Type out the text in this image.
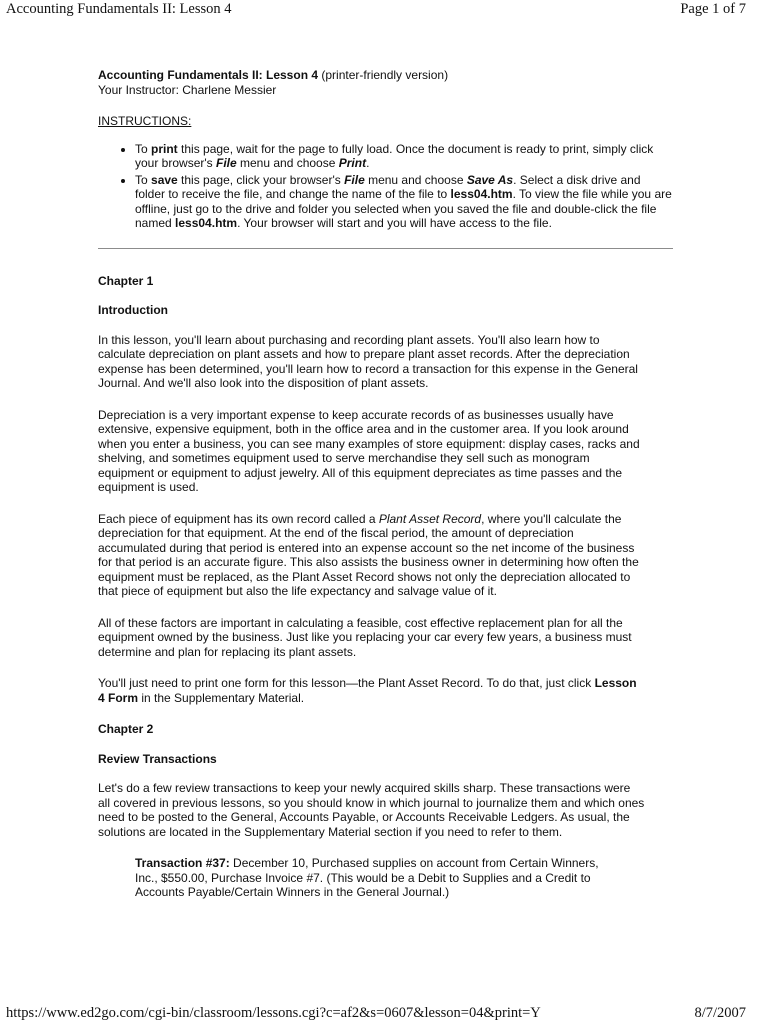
Accounting Fundamentals II: Lesson 4	Page 1 of 7

Accounting Fundamentals II: Lesson 4 (printer-friendly version)

Your Instructor: Charlene Messier

INSTRUCTIONS:

• To print this page, wait for the page to fully load. Once the document is ready to print, simply click your browser's File menu and choose Print.
• To save this page, click your browser's File menu and choose Save As. Select a disk drive and folder to receive the file, and change the name of the file to less04.htm. To view the file while you are offline, just go to the drive and folder you selected when you saved the file and double-click the file named less04.htm. Your browser will start and you will have access to the file.

Chapter 1

Introduction

In this lesson, you'll learn about purchasing and recording plant assets. You'll also learn how to
calculate depreciation on plant assets and how to prepare plant asset records. After the depreciation
expense has been determined, you'll learn how to record a transaction for this expense in the General
Journal. And we'll also look into the disposition of plant assets.

Depreciation is a very important expense to keep accurate records of as businesses usually have
extensive, expensive equipment, both in the office area and in the customer area. If you look around
when you enter a business, you can see many examples of store equipment: display cases, racks and
shelving, and sometimes equipment used to serve merchandise they sell such as monogram
equipment or equipment to adjust jewelry. All of this equipment depreciates as time passes and the
equipment is used.

Each piece of equipment has its own record called a Plant Asset Record, where you'll calculate the
depreciation for that equipment. At the end of the fiscal period, the amount of depreciation
accumulated during that period is entered into an expense account so the net income of the business
for that period is an accurate figure. This also assists the business owner in determining how often the
equipment must be replaced, as the Plant Asset Record shows not only the depreciation allocated to
that piece of equipment but also the life expectancy and salvage value of it.

All of these factors are important in calculating a feasible, cost effective replacement plan for all the
equipment owned by the business. Just like you replacing your car every few years, a business must
determine and plan for replacing its plant assets.

You'll just need to print one form for this lesson—the Plant Asset Record. To do that, just click Lesson
4 Form in the Supplementary Material.

Chapter 2

Review Transactions

Let's do a few review transactions to keep your newly acquired skills sharp. These transactions were
all covered in previous lessons, so you should know in which journal to journalize them and which ones
need to be posted to the General, Accounts Payable, or Accounts Receivable Ledgers. As usual, the
solutions are located in the Supplementary Material section if you need to refer to them.

Transaction #37: December 10, Purchased supplies on account from Certain Winners,
Inc., $550.00, Purchase Invoice #7. (This would be a Debit to Supplies and a Credit to
Accounts Payable/Certain Winners in the General Journal.)

https://www.ed2go.com/cgi-bin/classroom/lessons.cgi?c=af2&s=0607&lesson=04&print=Y	8/7/2007
